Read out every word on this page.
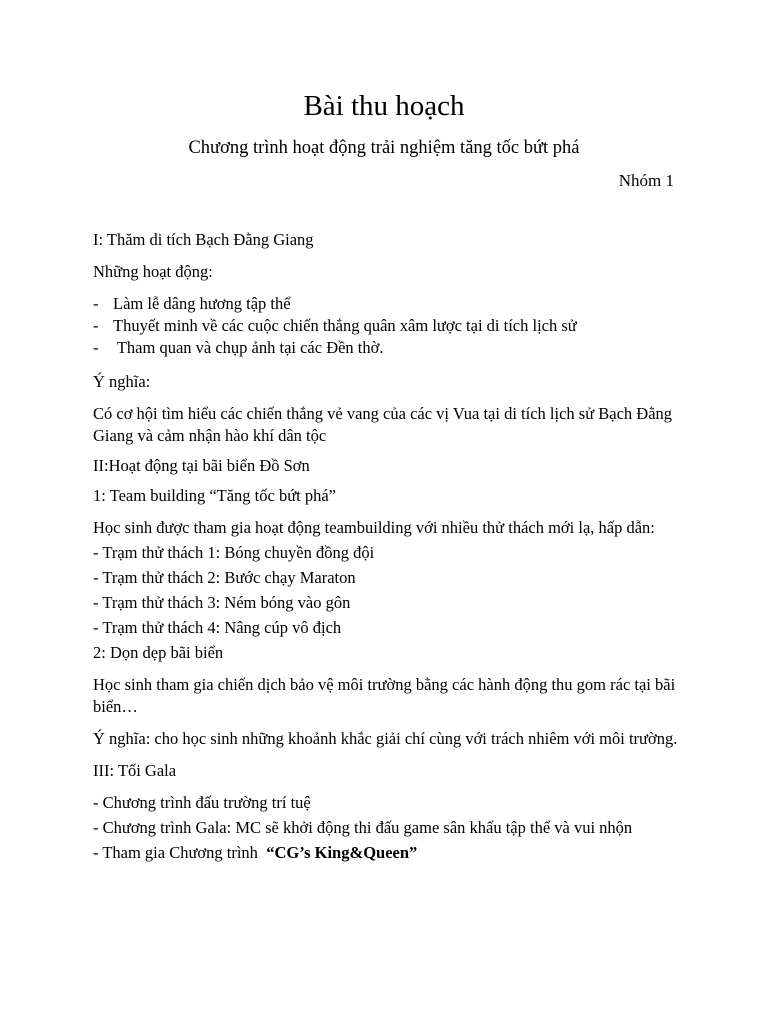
Bài thu hoạch
Chương trình hoạt động trải nghiệm tăng tốc bứt phá
Nhóm 1

I: Thăm di tích Bạch Đằng Giang

Những hoạt động:

- Làm lễ dâng hương tập thể
- Thuyết minh về các cuộc chiến thắng quân xâm lược tại di tích lịch sử
- Tham quan và chụp ảnh tại các Đền thờ.

Ý nghĩa:

Có cơ hội tìm hiểu các chiến thắng vẻ vang của các vị Vua tại di tích lịch sử Bạch Đằng Giang và cảm nhận hào khí dân tộc

II:Hoạt động tại bãi biển Đồ Sơn

1: Team building “Tăng tốc bứt phá”

Học sinh được tham gia hoạt động teambuilding với nhiều thử thách mới lạ, hấp dẫn:

- Trạm thử thách 1: Bóng chuyền đồng đội
- Trạm thử thách 2: Bước chạy Maraton
- Trạm thử thách 3: Ném bóng vào gôn
- Trạm thử thách 4: Nâng cúp vô địch

2: Dọn dẹp bãi biển

Học sinh tham gia chiến dịch bảo vệ môi trường bằng các hành động thu gom rác tại bãi biển…

Ý nghĩa: cho học sinh những khoảnh khắc giải chí cùng với trách nhiêm với môi trường.

III: Tối Gala

- Chương trình đấu trường trí tuệ

- Chương trình Gala: MC sẽ khởi động thi đấu game sân khấu tập thể và vui nhộn

- Tham gia Chương trình  “CG’s King&Queen”
